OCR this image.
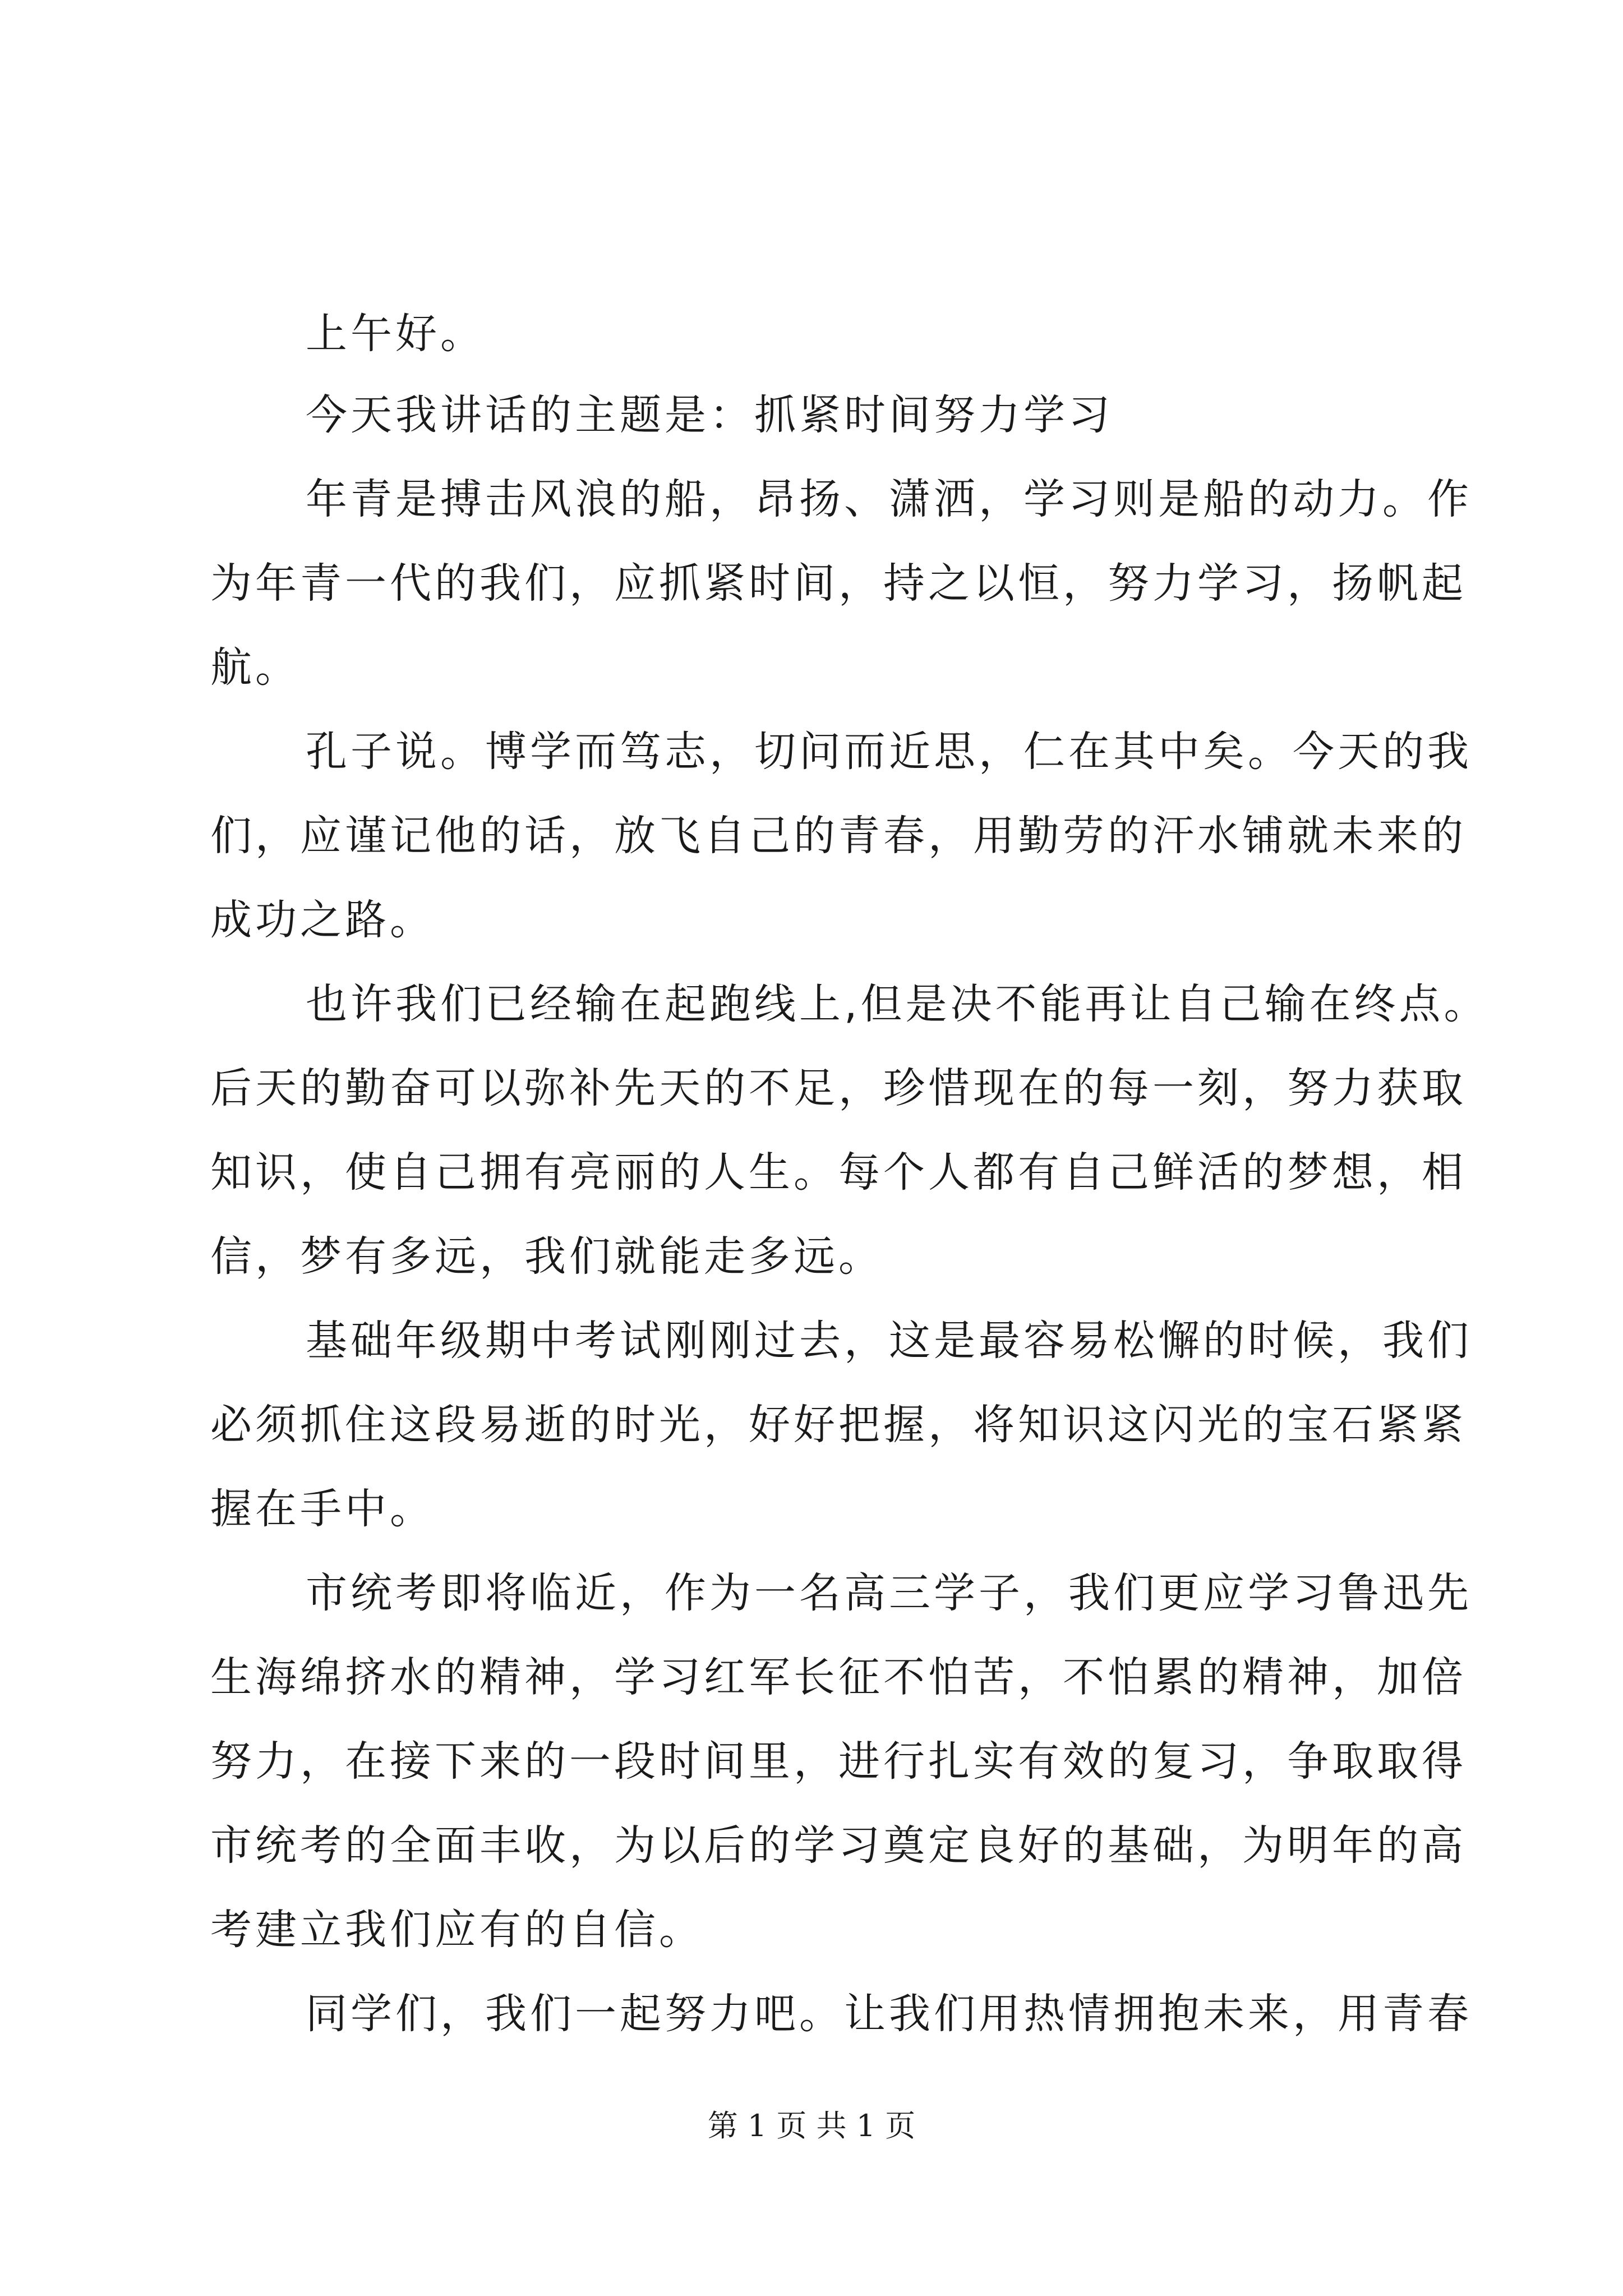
上午好。
今天我讲话的主题是：抓紧时间努力学习
年青是搏击风浪的船，昂扬、潇洒，学习则是船的动力。作
为年青一代的我们，应抓紧时间，持之以恒，努力学习，扬帆起
航。
孔子说。博学而笃志，切问而近思，仁在其中矣。今天的我
们，应谨记他的话，放飞自己的青春，用勤劳的汗水铺就未来的
成功之路。
也许我们已经输在起跑线上,但是决不能再让自己输在终点。
后天的勤奋可以弥补先天的不足，珍惜现在的每一刻，努力获取
知识，使自己拥有亮丽的人生。每个人都有自己鲜活的梦想，相
信，梦有多远，我们就能走多远。
基础年级期中考试刚刚过去，这是最容易松懈的时候，我们
必须抓住这段易逝的时光，好好把握，将知识这闪光的宝石紧紧
握在手中。
市统考即将临近，作为一名高三学子，我们更应学习鲁迅先
生海绵挤水的精神，学习红军长征不怕苦，不怕累的精神，加倍
努力，在接下来的一段时间里，进行扎实有效的复习，争取取得
市统考的全面丰收，为以后的学习奠定良好的基础，为明年的高
考建立我们应有的自信。
同学们，我们一起努力吧。让我们用热情拥抱未来，用青春
第 1 页 共 1 页
